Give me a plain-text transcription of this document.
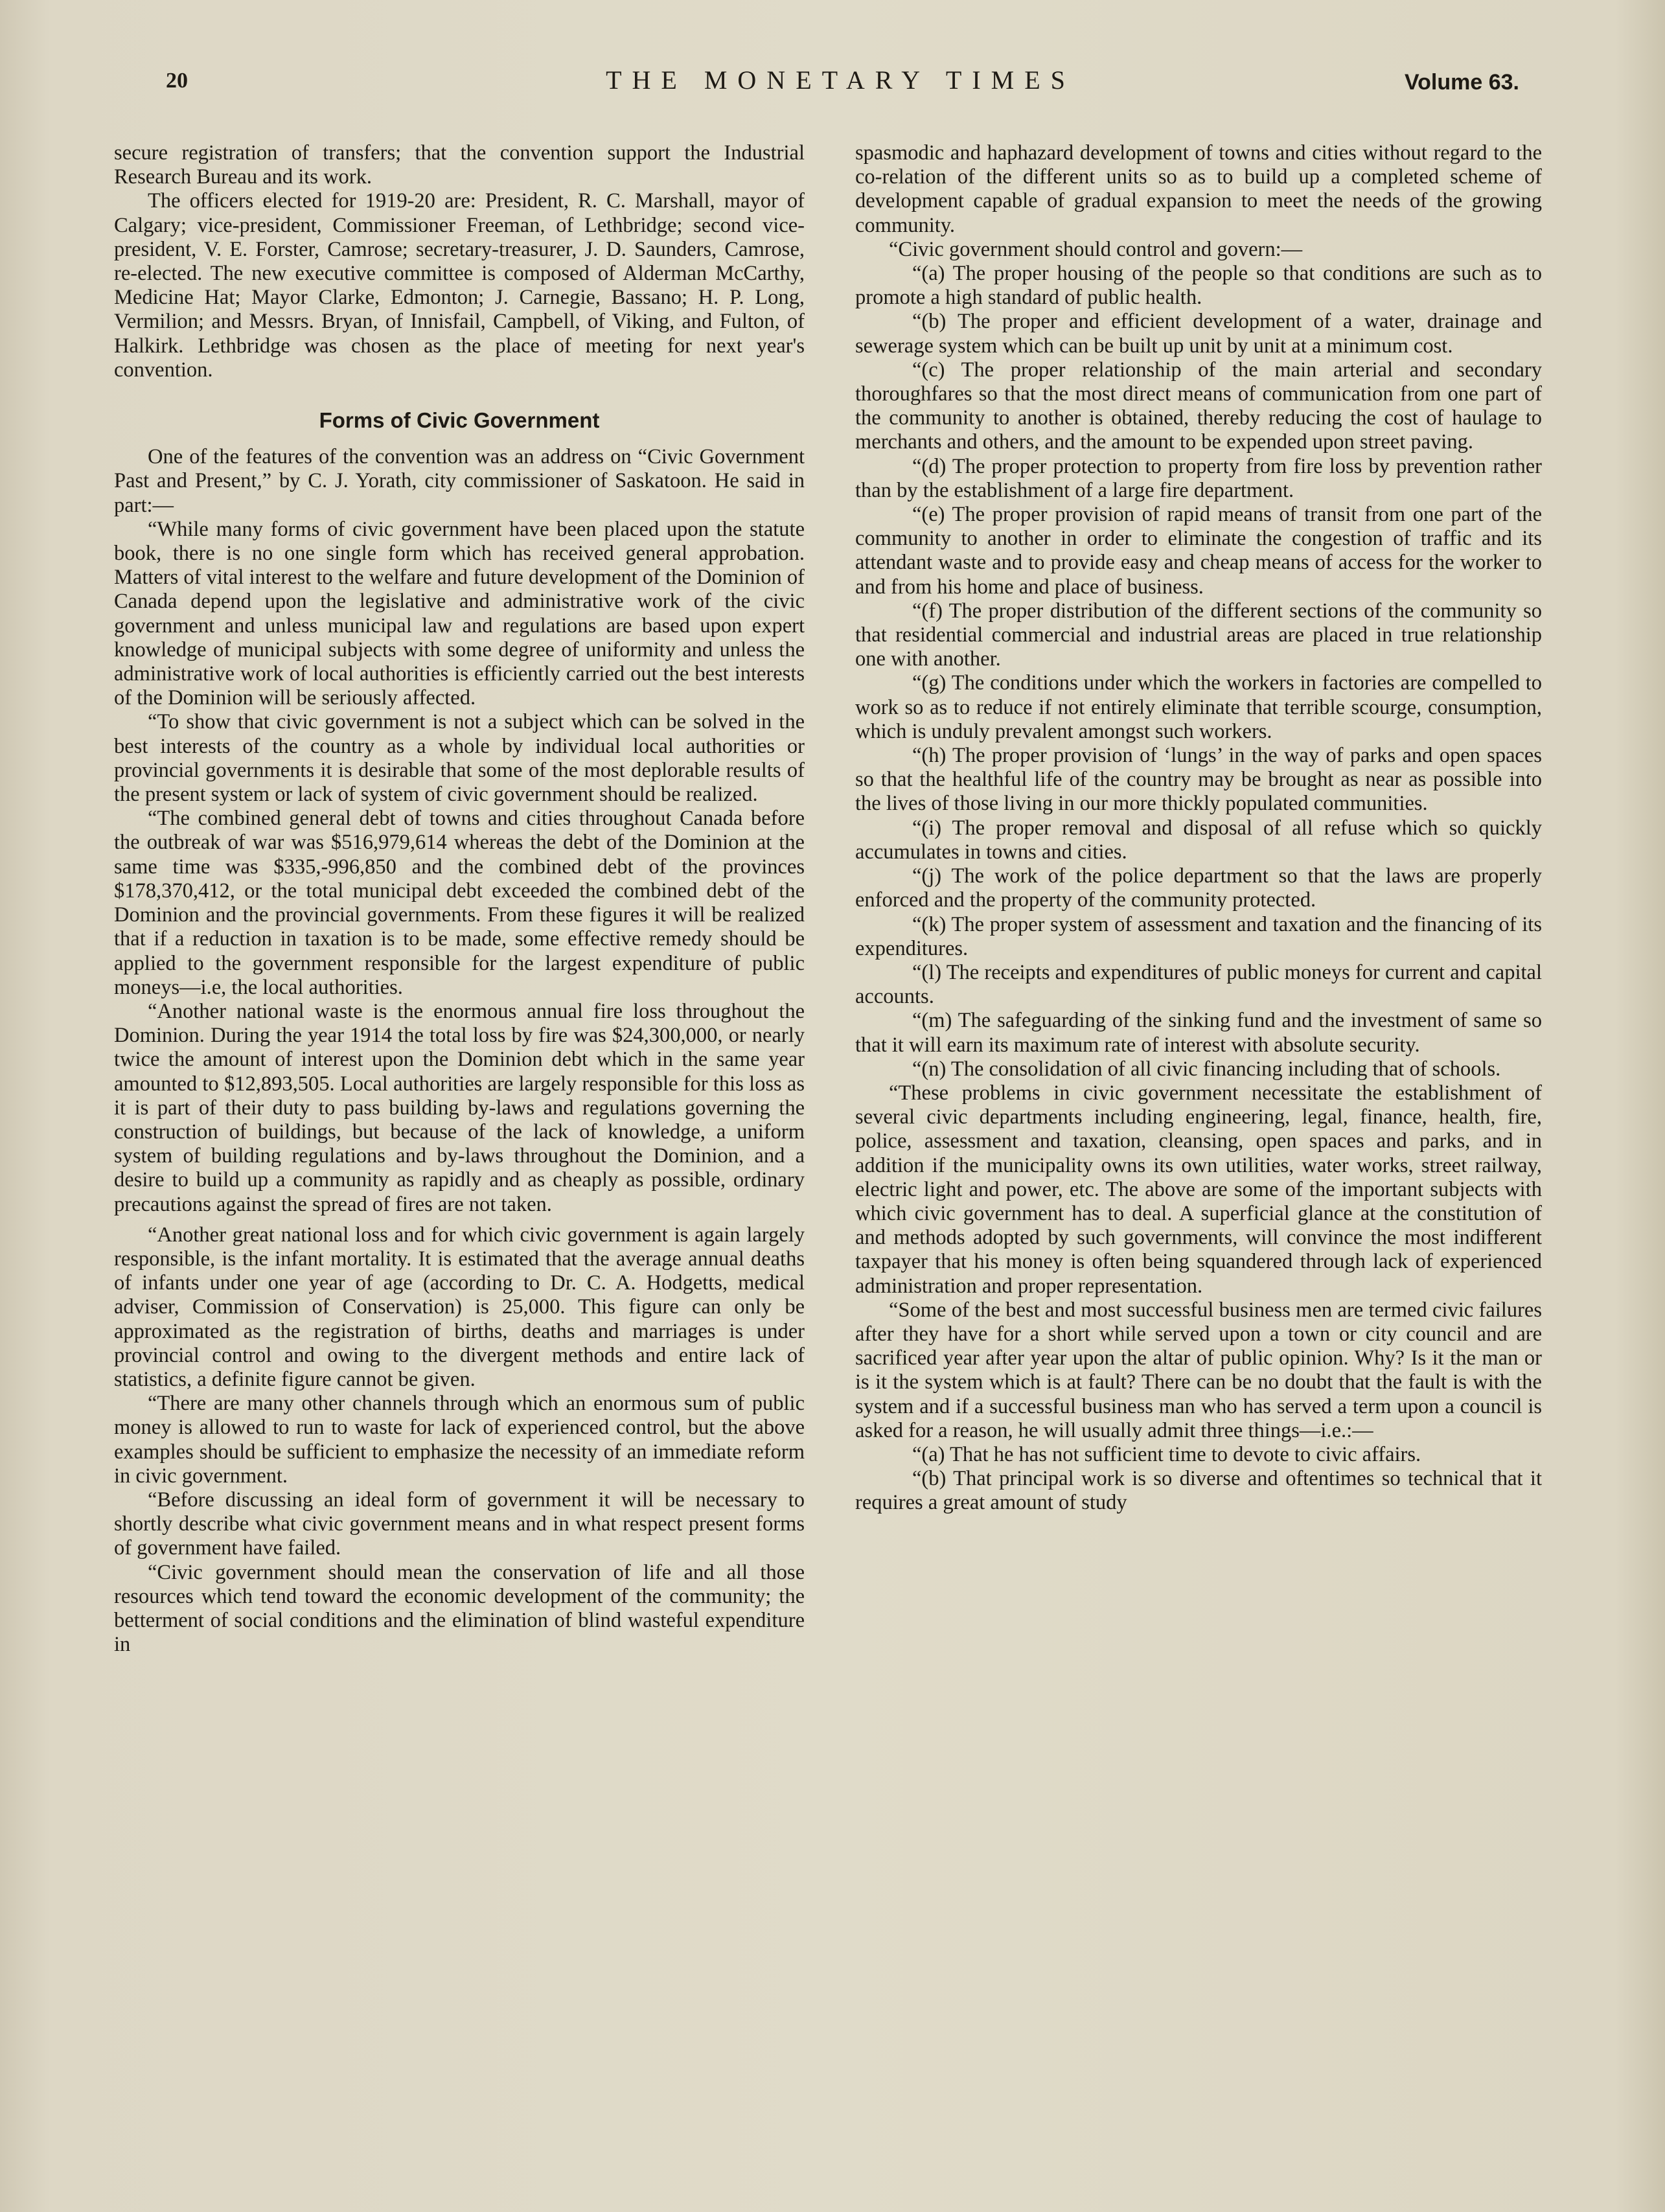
20	THE MONETARY TIMES	Volume 63.

secure registration of transfers; that the convention support the Industrial Research Bureau and its work.

The officers elected for 1919-20 are: President, R. C. Marshall, mayor of Calgary; vice-president, Commissioner Freeman, of Lethbridge; second vice-president, V. E. Forster, Camrose; secretary-treasurer, J. D. Saunders, Camrose, re-elected. The new executive committee is composed of Alderman McCarthy, Medicine Hat; Mayor Clarke, Edmonton; J. Carnegie, Bassano; H. P. Long, Vermilion; and Messrs. Bryan, of Innisfail, Campbell, of Viking, and Fulton, of Halkirk. Lethbridge was chosen as the place of meeting for next year's convention.

Forms of Civic Government

One of the features of the convention was an address on “Civic Government Past and Present,” by C. J. Yorath, city commissioner of Saskatoon. He said in part:—

“While many forms of civic government have been placed upon the statute book, there is no one single form which has received general approbation. Matters of vital interest to the welfare and future development of the Dominion of Canada depend upon the legislative and administrative work of the civic government and unless municipal law and regulations are based upon expert knowledge of municipal subjects with some degree of uniformity and unless the administrative work of local authorities is efficiently carried out the best interests of the Dominion will be seriously affected.

“To show that civic government is not a subject which can be solved in the best interests of the country as a whole by individual local authorities or provincial governments it is desirable that some of the most deplorable results of the present system or lack of system of civic government should be realized.

“The combined general debt of towns and cities throughout Canada before the outbreak of war was $516,979,614 whereas the debt of the Dominion at the same time was $335,-996,850 and the combined debt of the provinces $178,370,412, or the total municipal debt exceeded the combined debt of the Dominion and the provincial governments. From these figures it will be realized that if a reduction in taxation is to be made, some effective remedy should be applied to the government responsible for the largest expenditure of public moneys—i.e, the local authorities.

“Another national waste is the enormous annual fire loss throughout the Dominion. During the year 1914 the total loss by fire was $24,300,000, or nearly twice the amount of interest upon the Dominion debt which in the same year amounted to $12,893,505. Local authorities are largely responsible for this loss as it is part of their duty to pass building by-laws and regulations governing the construction of buildings, but because of the lack of knowledge, a uniform system of building regulations and by-laws throughout the Dominion, and a desire to build up a community as rapidly and as cheaply as possible, ordinary precautions against the spread of fires are not taken.

“Another great national loss and for which civic government is again largely responsible, is the infant mortality. It is estimated that the average annual deaths of infants under one year of age (according to Dr. C. A. Hodgetts, medical adviser, Commission of Conservation) is 25,000. This figure can only be approximated as the registration of births, deaths and marriages is under provincial control and owing to the divergent methods and entire lack of statistics, a definite figure cannot be given.

“There are many other channels through which an enormous sum of public money is allowed to run to waste for lack of experienced control, but the above examples should be sufficient to emphasize the necessity of an immediate reform in civic government.

“Before discussing an ideal form of government it will be necessary to shortly describe what civic government means and in what respect present forms of government have failed.

“Civic government should mean the conservation of life and all those resources which tend toward the economic development of the community; the betterment of social conditions and the elimination of blind wasteful expenditure in

spasmodic and haphazard development of towns and cities without regard to the co-relation of the different units so as to build up a completed scheme of development capable of gradual expansion to meet the needs of the growing community.

“Civic government should control and govern:—

“(a) The proper housing of the people so that conditions are such as to promote a high standard of public health.

“(b) The proper and efficient development of a water, drainage and sewerage system which can be built up unit by unit at a minimum cost.

“(c) The proper relationship of the main arterial and secondary thoroughfares so that the most direct means of communication from one part of the community to another is obtained, thereby reducing the cost of haulage to merchants and others, and the amount to be expended upon street paving.

“(d) The proper protection to property from fire loss by prevention rather than by the establishment of a large fire department.

“(e) The proper provision of rapid means of transit from one part of the community to another in order to eliminate the congestion of traffic and its attendant waste and to provide easy and cheap means of access for the worker to and from his home and place of business.

“(f) The proper distribution of the different sections of the community so that residential commercial and industrial areas are placed in true relationship one with another.

“(g) The conditions under which the workers in factories are compelled to work so as to reduce if not entirely eliminate that terrible scourge, consumption, which is unduly prevalent amongst such workers.

“(h) The proper provision of ‘lungs’ in the way of parks and open spaces so that the healthful life of the country may be brought as near as possible into the lives of those living in our more thickly populated communities.

“(i) The proper removal and disposal of all refuse which so quickly accumulates in towns and cities.

“(j) The work of the police department so that the laws are properly enforced and the property of the community protected.

“(k) The proper system of assessment and taxation and the financing of its expenditures.

“(l) The receipts and expenditures of public moneys for current and capital accounts.

“(m) The safeguarding of the sinking fund and the investment of same so that it will earn its maximum rate of interest with absolute security.

“(n) The consolidation of all civic financing including that of schools.

“These problems in civic government necessitate the establishment of several civic departments including engineering, legal, finance, health, fire, police, assessment and taxation, cleansing, open spaces and parks, and in addition if the municipality owns its own utilities, water works, street railway, electric light and power, etc. The above are some of the important subjects with which civic government has to deal. A superficial glance at the constitution of and methods adopted by such governments, will convince the most indifferent taxpayer that his money is often being squandered through lack of experienced administration and proper representation.

“Some of the best and most successful business men are termed civic failures after they have for a short while served upon a town or city council and are sacrificed year after year upon the altar of public opinion. Why? Is it the man or is it the system which is at fault? There can be no doubt that the fault is with the system and if a successful business man who has served a term upon a council is asked for a reason, he will usually admit three things—i.e.:—

“(a) That he has not sufficient time to devote to civic affairs.

“(b) That principal work is so diverse and oftentimes so technical that it requires a great amount of study
